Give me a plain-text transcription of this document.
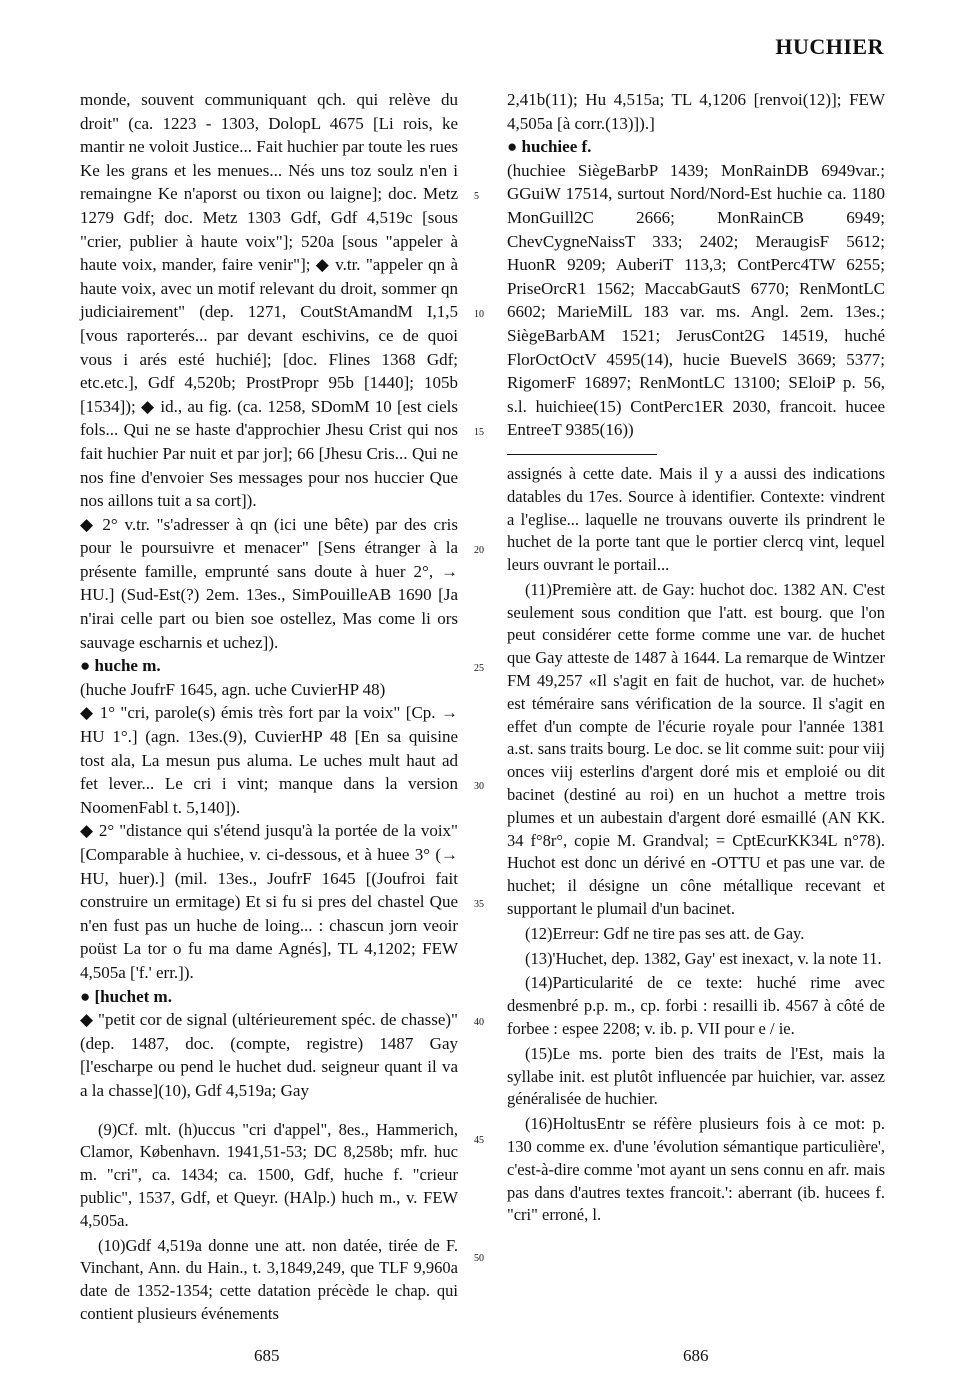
HUCHIER

monde, souvent communiquant qch. qui relève du droit" (ca. 1223 - 1303, DolopL 4675 [Li rois, ke mantir ne voloit Justice... Fait huchier par toute les rues Ke les grans et les menues... Nés uns toz soulz n'en i remaingne Ke n'aporst ou tixon ou laigne]; doc. Metz 1279 Gdf; doc. Metz 1303 Gdf, Gdf 4,519c [sous "crier, publier à haute voix"]; 520a [sous "appeler à haute voix, mander, faire venir"]; ◆ v.tr. "appeler qn à haute voix, avec un motif relevant du droit, sommer qn judiciairement" (dep. 1271, CoutStAmandM I,1,5 [vous raporterés... par devant eschivins, ce de quoi vous i arés esté huchié]; [doc. Flines 1368 Gdf; etc.etc.], Gdf 4,520b; ProstPropr 95b [1440]; 105b [1534]); ◆ id., au fig. (ca. 1258, SDomM 10 [est ciels fols... Qui ne se haste d'approchier Jhesu Crist qui nos fait huchier Par nuit et par jor]; 66 [Jhesu Cris... Qui ne nos fine d'envoier Ses messages pour nos huccier Que nos aillons tuit a sa cort]).

◆ 2° v.tr. "s'adresser à qn (ici une bête) par des cris pour le poursuivre et menacer" [Sens étranger à la présente famille, emprunté sans doute à huer 2°, → HU.] (Sud-Est(?) 2em. 13es., SimPouilleAB 1690 [Ja n'irai celle part ou bien soe ostellez, Mas come li ors sauvage escharnis et uchez]).

● huche m.

(huche JoufrF 1645, agn. uche CuvierHP 48)

◆ 1° "cri, parole(s) émis très fort par la voix" [Cp. → HU 1°.] (agn. 13es.(9), CuvierHP 48 [En sa quisine tost ala, La mesun pus aluma. Le uches mult haut ad fet lever... Le cri i vint; manque dans la version NoomenFabl t. 5,140]).

◆ 2° "distance qui s'étend jusqu'à la portée de la voix" [Comparable à huchiee, v. ci-dessous, et à huee 3° (→ HU, huer).] (mil. 13es., JoufrF 1645 [(Joufroi fait construire un ermitage) Et si fu si pres del chastel Que n'en fust pas un huche de loing... : chascun jorn veoir poüst La tor o fu ma dame Agnés], TL 4,1202; FEW 4,505a ['f.' err.]).

● [huchet m.

◆ "petit cor de signal (ultérieurement spéc. de chasse)" (dep. 1487, doc. (compte, registre) 1487 Gay [l'escharpe ou pend le huchet dud. seigneur quant il va a la chasse](10), Gdf 4,519a; Gay

(9)Cf. mlt. (h)uccus "cri d'appel", 8es., Hammerich, Clamor, København. 1941,51-53; DC 8,258b; mfr. huc m. "cri", ca. 1434; ca. 1500, Gdf, huche f. "crieur public", 1537, Gdf, et Queyr. (HAlp.) huch m., v. FEW 4,505a.

(10)Gdf 4,519a donne une att. non datée, tirée de F. Vinchant, Ann. du Hain., t. 3,1849,249, que TLF 9,960a date de 1352-1354; cette datation précède le chap. qui contient plusieurs événements

5
10
15
20
25
30
35
40
45
50

2,41b(11); Hu 4,515a; TL 4,1206 [renvoi(12)]; FEW 4,505a [à corr.(13)]).]

● huchiee f.

(huchiee SiègeBarbP 1439; MonRainDB 6949var.; GGuiW 17514, surtout Nord/Nord-Est huchie ca. 1180 MonGuill2C 2666; MonRainCB 6949; ChevCygneNaissT 333; 2402; MeraugisF 5612; HuonR 9209; AuberiT 113,3; ContPerc4TW 6255; PriseOrcR1 1562; MaccabGautS 6770; RenMontLC 6602; MarieMilL 183 var. ms. Angl. 2em. 13es.; SiègeBarbAM 1521; JerusCont2G 14519, huché FlorOctOctV 4595(14), hucie BuevelS 3669; 5377; RigomerF 16897; RenMontLC 13100; SEloiP p. 56, s.l. huichiee(15) ContPerc1ER 2030, francoit. hucee EntreeT 9385(16))

assignés à cette date. Mais il y a aussi des indications datables du 17es. Source à identifier. Contexte: vindrent a l'eglise... laquelle ne trouvans ouverte ils prindrent le huchet de la porte tant que le portier clercq vint, lequel leurs ouvrant le portail...

(11)Première att. de Gay: huchot doc. 1382 AN. C'est seulement sous condition que l'att. est bourg. que l'on peut considérer cette forme comme une var. de huchet que Gay atteste de 1487 à 1644. La remarque de Wintzer FM 49,257 «Il s'agit en fait de huchot, var. de huchet» est téméraire sans vérification de la source. Il s'agit en effet d'un compte de l'écurie royale pour l'année 1381 a.st. sans traits bourg. Le doc. se lit comme suit: pour viij onces viij esterlins d'argent doré mis et emploié ou dit bacinet (destiné au roi) en un huchot a mettre trois plumes et un aubestain d'argent doré esmaillé (AN KK. 34 f°8r°, copie M. Grandval; = CptEcurKK34L n°78). Huchot est donc un dérivé en -OTTU et pas une var. de huchet; il désigne un cône métallique recevant et supportant le plumail d'un bacinet.

(12)Erreur: Gdf ne tire pas ses att. de Gay.

(13)'Huchet, dep. 1382, Gay' est inexact, v. la note 11.

(14)Particularité de ce texte: huché rime avec desmenbré p.p. m., cp. forbi : resailli ib. 4567 à côté de forbee : espee 2208; v. ib. p. VII pour e / ie.

(15)Le ms. porte bien des traits de l'Est, mais la syllabe init. est plutôt influencée par huichier, var. assez généralisée de huchier.

(16)HoltusEntr se réfère plusieurs fois à ce mot: p. 130 comme ex. d'une 'évolution sémantique particulière', c'est-à-dire comme 'mot ayant un sens connu en afr. mais pas dans d'autres textes francoit.': aberrant (ib. hucees f. "cri" erroné, l.

685	686
